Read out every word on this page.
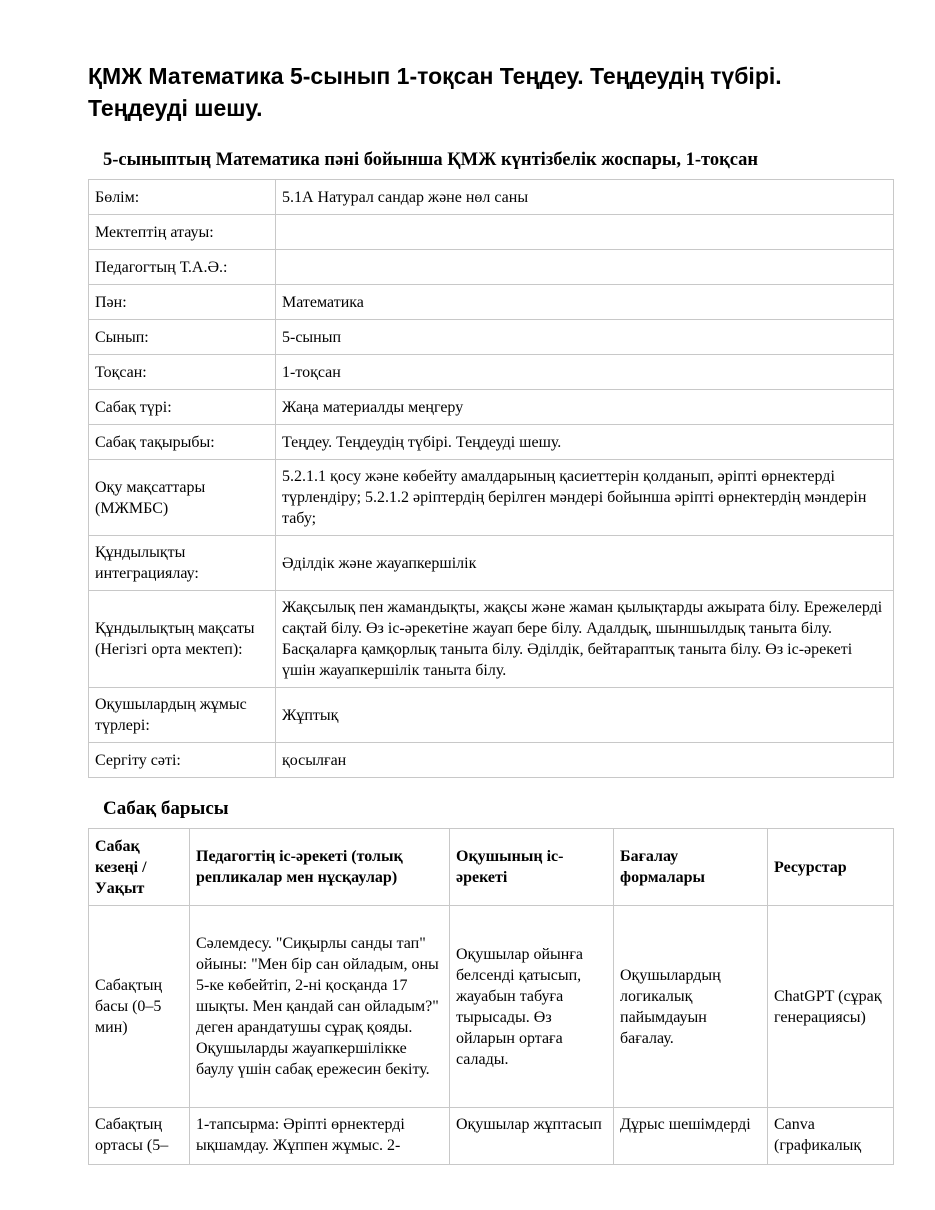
ҚМЖ Математика 5-сынып 1-тоқсан Теңдеу. Теңдеудің түбірі. Теңдеуді шешу.
5-сыныптың Математика пәні бойынша ҚМЖ күнтізбелік жоспары, 1-тоқсан
Бөлім:	5.1А Натурал сандар және нөл саны
Мектептің атауы:	
Педагогтың Т.А.Ә.:	
Пән:	Математика
Сынып:	5-сынып
Тоқсан:	1-тоқсан
Сабақ түрі:	Жаңа материалды меңгеру
Сабақ тақырыбы:	Теңдеу. Теңдеудің түбірі. Теңдеуді шешу.
Оқу мақсаттары (МЖМБС)	5.2.1.1 қосу және көбейту амалдарының қасиеттерін қолданып, әріпті өрнектерді түрлендіру; 5.2.1.2 әріптердің берілген мәндері бойынша әріпті өрнектердің мәндерін табу;
Құндылықты интеграциялау:	Әділдік және жауапкершілік
Құндылықтың мақсаты (Негізгі орта мектеп):	Жақсылық пен жамандықты, жақсы және жаман қылықтарды ажырата білу. Ережелерді сақтай білу. Өз іс-әрекетіне жауап бере білу. Адалдық, шыншылдық таныта білу. Басқаларға қамқорлық таныта білу. Әділдік, бейтараптық таныта білу. Өз іс-әрекеті үшін жауапкершілік таныта білу.
Оқушылардың жұмыс түрлері:	Жұптық
Сергіту сәті:	қосылған
Сабақ барысы
Сабақ кезеңі / Уақыт	Педагогтің іс-әрекеті (толық репликалар мен нұсқаулар)	Оқушының іс-әрекеті	Бағалау формалары	Ресурстар
Сабақтың басы (0–5 мин)	Сәлемдесу. "Сиқырлы санды тап" ойыны: "Мен бір сан ойладым, оны 5-ке көбейтіп, 2-ні қосқанда 17 шықты. Мен қандай сан ойладым?" деген арандатушы сұрақ қояды. Оқушыларды жауапкершілікке баулу үшін сабақ ережесин бекіту.	Оқушылар ойынға белсенді қатысып, жауабын табуға тырысады. Өз ойларын ортаға салады.	Оқушылардың логикалық пайымдауын бағалау.	ChatGPT (сұрақ генерациясы)
Сабақтың ортасы (5–	1-тапсырма: Әріпті өрнектерді ықшамдау. Жұппен жұмыс. 2-	Оқушылар жұптасып	Дұрыс шешімдерді	Canva (графикалық
